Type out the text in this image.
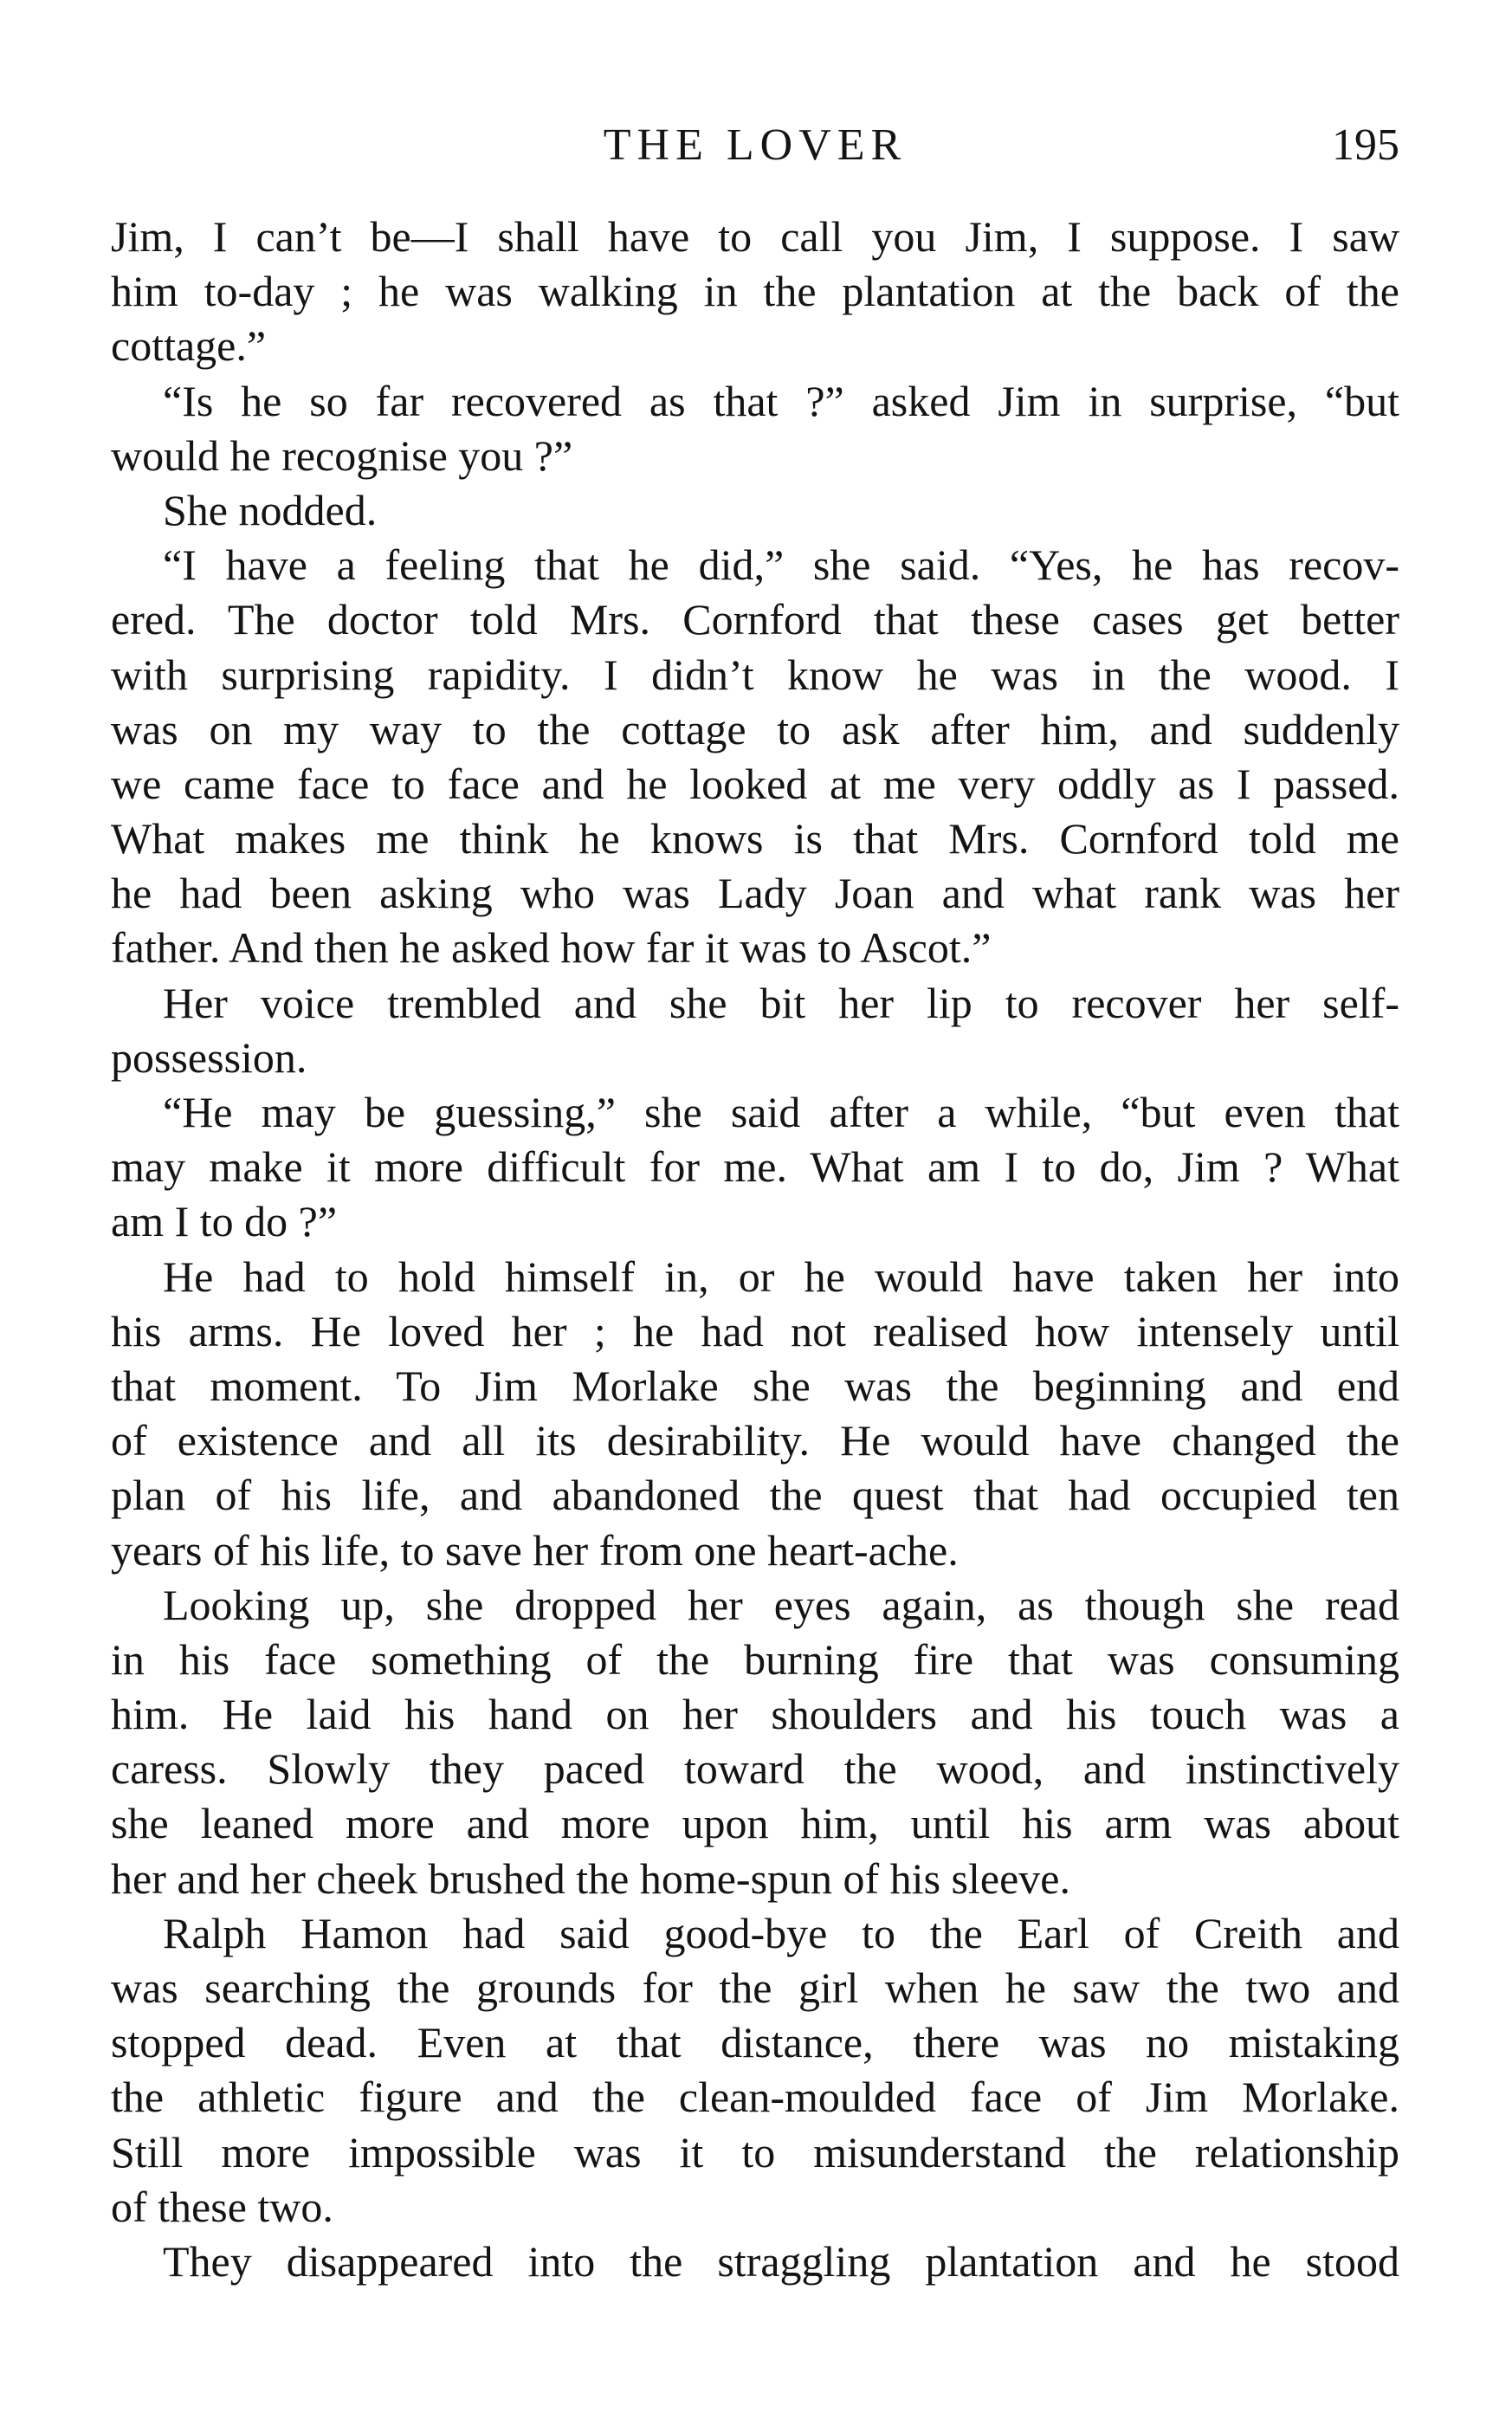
THE LOVER	195
Jim, I can’t be—I shall have to call you Jim, I suppose. I saw
him to-day ; he was walking in the plantation at the back of the
cottage.”
“Is he so far recovered as that ?” asked Jim in surprise, “but
would he recognise you ?”
She nodded.
“I have a feeling that he did,” she said. “Yes, he has recov-
ered. The doctor told Mrs. Cornford that these cases get better
with surprising rapidity. I didn’t know he was in the wood. I
was on my way to the cottage to ask after him, and suddenly
we came face to face and he looked at me very oddly as I passed.
What makes me think he knows is that Mrs. Cornford told me
he had been asking who was Lady Joan and what rank was her
father. And then he asked how far it was to Ascot.”
Her voice trembled and she bit her lip to recover her self-
possession.
“He may be guessing,” she said after a while, “but even that
may make it more difficult for me. What am I to do, Jim ? What
am I to do ?”
He had to hold himself in, or he would have taken her into
his arms. He loved her ; he had not realised how intensely until
that moment. To Jim Morlake she was the beginning and end
of existence and all its desirability. He would have changed the
plan of his life, and abandoned the quest that had occupied ten
years of his life, to save her from one heart-ache.
Looking up, she dropped her eyes again, as though she read
in his face something of the burning fire that was consuming
him. He laid his hand on her shoulders and his touch was a
caress. Slowly they paced toward the wood, and instinctively
she leaned more and more upon him, until his arm was about
her and her cheek brushed the home-spun of his sleeve.
Ralph Hamon had said good-bye to the Earl of Creith and
was searching the grounds for the girl when he saw the two and
stopped dead. Even at that distance, there was no mistaking
the athletic figure and the clean-moulded face of Jim Morlake.
Still more impossible was it to misunderstand the relationship
of these two.
They disappeared into the straggling plantation and he stood
